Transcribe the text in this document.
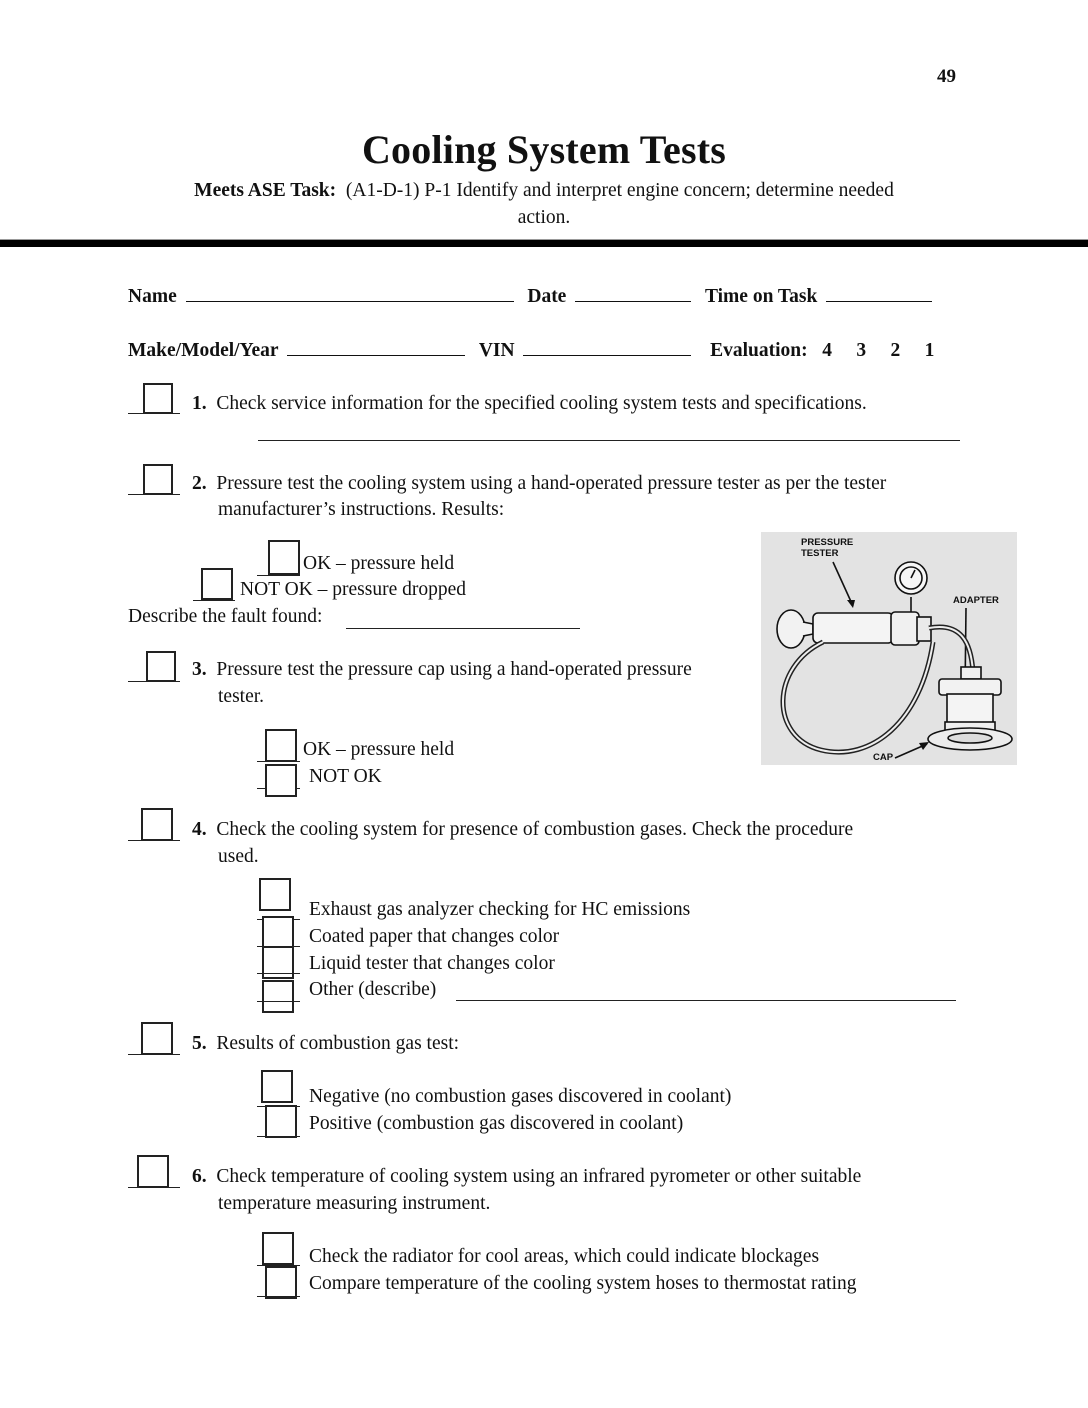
49
Cooling System Tests
Meets ASE Task: (A1-D-1) P-1 Identify and interpret engine concern; determine needed
action.
Name	Date	Time on Task
Make/Model/Year	VIN	Evaluation: 4 3 2 1
1. Check service information for the specified cooling system tests and specifications.
2. Pressure test the cooling system using a hand-operated pressure tester as per the tester
manufacturer’s instructions. Results:
OK – pressure held
NOT OK – pressure dropped
Describe the fault found:
3. Pressure test the pressure cap using a hand-operated pressure
tester.
OK – pressure held
NOT OK
PRESSURE
TESTER
ADAPTER
CAP
4. Check the cooling system for presence of combustion gases. Check the procedure
used.
Exhaust gas analyzer checking for HC emissions
Coated paper that changes color
Liquid tester that changes color
Other (describe)
5. Results of combustion gas test:
Negative (no combustion gases discovered in coolant)
Positive (combustion gas discovered in coolant)
6. Check temperature of cooling system using an infrared pyrometer or other suitable
temperature measuring instrument.
Check the radiator for cool areas, which could indicate blockages
Compare temperature of the cooling system hoses to thermostat rating
